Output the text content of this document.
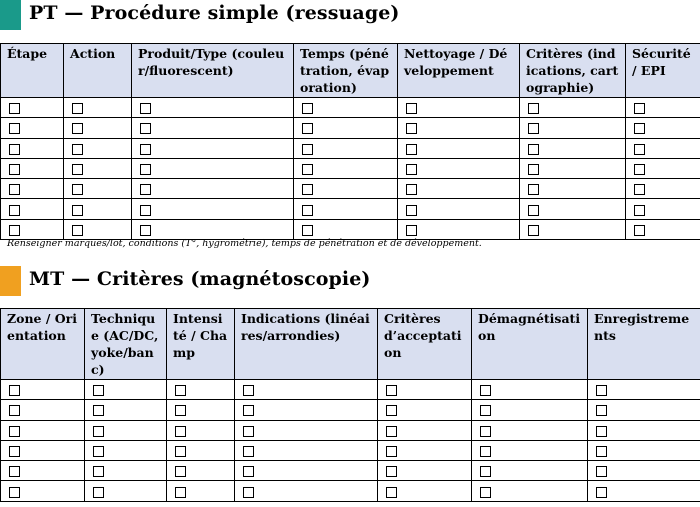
PT — Procédure simple (ressuage)
Étape	Action	Produit/Type (couleur/fluorescent)	Temps (pénétration, évaporation)	Nettoyage / Développement	Critères (indications, cartographie)	Sécurité / EPI

Renseigner marques/lot, conditions (T°, hygrométrie), temps de pénétration et de développement.
MT — Critères (magnétoscopie)
Zone / Orientation	Technique (AC/DC, yoke/banc)	Intensité / Champ	Indications (linéaires/arrondies)	Critères d’acceptation	Démagnétisation	Enregistrements
